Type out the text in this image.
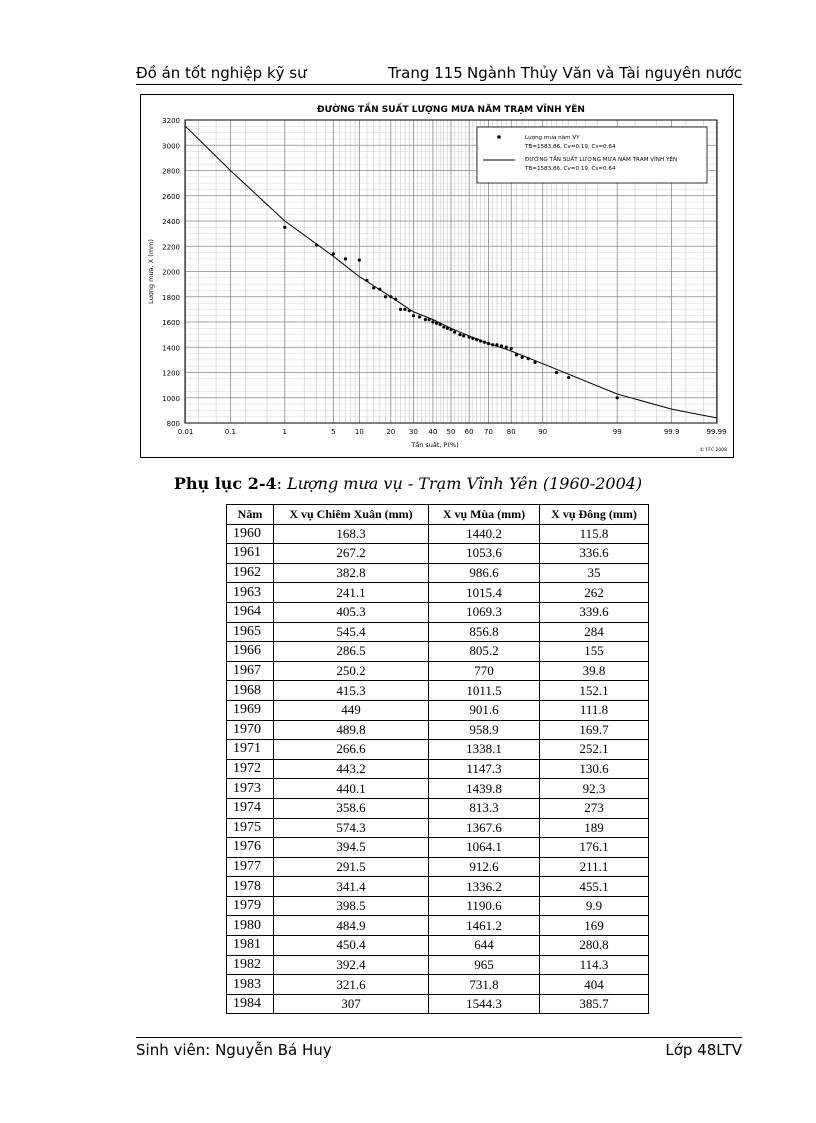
Đồ án tốt nghiệp kỹ sư	Trang 115 Ngành Thủy Văn và Tài nguyên nước
ĐƯỜNG TẦN SUẤT LƯỢNG MƯA NĂM TRẠM VĨNH YÊN
800
1000
1200
1400
1600
1800
2000
2200
2400
2600
2800
3000
3200
0.01	0.1	1	5	10	20 30 40 50 60 70 80	90	99	99.9	99.99
Tần suất, P(%)
Lượng mưa, X (mm)
Lượng mưa năm VY
TB=1583.86, Cv=0.19, Cs=0.64
ĐƯỜNG TẦN SUẤT LƯỢNG MƯA NĂM TRẠM VĨNH YÊN
TB=1583.86, Cv=0.19, Cs=0.64
© FFC 2008
Phụ lục 2-4: Lượng mưa vụ - Trạm Vĩnh Yên (1960-2004)
Năm	X vụ Chiêm Xuân (mm)	X vụ Mùa (mm)	X vụ Đông (mm)
1960	168.3	1440.2	115.8
1961	267.2	1053.6	336.6
1962	382.8	986.6	35
1963	241.1	1015.4	262
1964	405.3	1069.3	339.6
1965	545.4	856.8	284
1966	286.5	805.2	155
1967	250.2	770	39.8
1968	415.3	1011.5	152.1
1969	449	901.6	111.8
1970	489.8	958.9	169.7
1971	266.6	1338.1	252.1
1972	443.2	1147.3	130.6
1973	440.1	1439.8	92.3
1974	358.6	813.3	273
1975	574.3	1367.6	189
1976	394.5	1064.1	176.1
1977	291.5	912.6	211.1
1978	341.4	1336.2	455.1
1979	398.5	1190.6	9.9
1980	484.9	1461.2	169
1981	450.4	644	280.8
1982	392.4	965	114.3
1983	321.6	731.8	404
1984	307	1544.3	385.7
Sinh viên: Nguyễn Bá Huy	Lớp 48LTV
